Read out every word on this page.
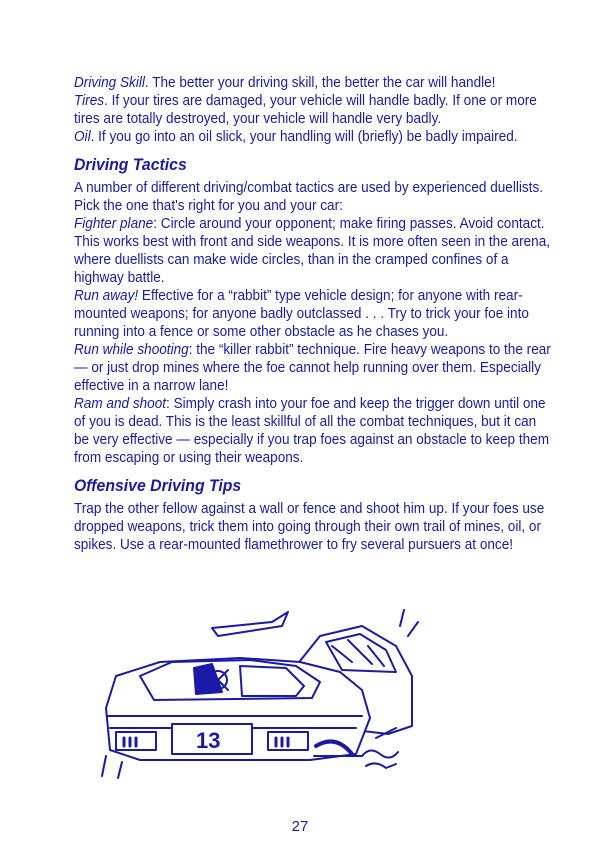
Driving Skill. The better your driving skill, the better the car will handle!

Tires. If your tires are damaged, your vehicle will handle badly. If one or more tires are totally destroyed, your vehicle will handle very badly.

Oil. If you go into an oil slick, your handling will (briefly) be badly impaired.

Driving Tactics

A number of different driving/combat tactics are used by experienced duellists. Pick the one that's right for you and your car:

Fighter plane: Circle around your opponent; make firing passes. Avoid contact. This works best with front and side weapons. It is more often seen in the arena, where duellists can make wide circles, than in the cramped confines of a highway battle.

Run away! Effective for a “rabbit” type vehicle design; for anyone with rear-mounted weapons; for anyone badly outclassed . . . Try to trick your foe into running into a fence or some other obstacle as he chases you.

Run while shooting: the “killer rabbit” technique. Fire heavy weapons to the rear — or just drop mines where the foe cannot help running over them. Especially effective in a narrow lane!

Ram and shoot: Simply crash into your foe and keep the trigger down until one of you is dead. This is the least skillful of all the combat techniques, but it can be very effective — especially if you trap foes against an obstacle to keep them from escaping or using their weapons.

Offensive Driving Tips

Trap the other fellow against a wall or fence and shoot him up. If your foes use dropped weapons, trick them into going through their own trail of mines, oil, or spikes. Use a rear-mounted flamethrower to fry several pursuers at once!

13
27
